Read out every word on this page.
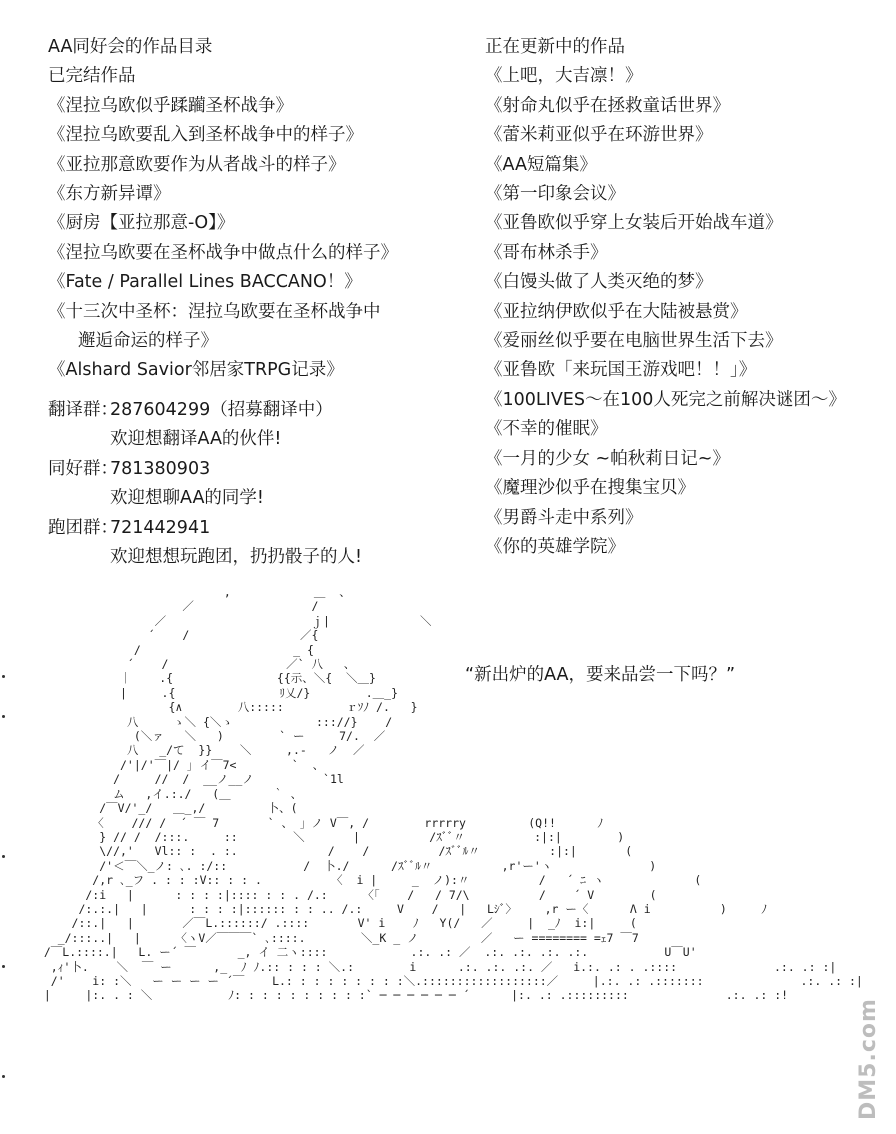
AA同好会的作品目录
已完结作品
《涅拉乌欧似乎蹂躏圣杯战争》
《涅拉乌欧要乱入到圣杯战争中的样子》
《亚拉那意欧要作为从者战斗的样子》
《东方新异谭》
《厨房【亚拉那意-O】》
《涅拉乌欧要在圣杯战争中做点什么的样子》
《Fate / Parallel Lines BACCANO！》
《十三次中圣杯：涅拉乌欧要在圣杯战争中
邂逅命运的样子》
《Alshard Savior邻居家TRPG记录》
翻译群：
287604299（招募翻译中）
欢迎想翻译AA的伙伴!
同好群：
781380903
欢迎想聊AA的同学!
跑团群：
721442941
欢迎想想玩跑团，扔扔骰子的人!
正在更新中的作品
《上吧，大吉凛！》
《射命丸似乎在拯救童话世界》
《蕾米莉亚似乎在环游世界》
《AA短篇集》
《第一印象会议》
《亚鲁欧似乎穿上女装后开始战车道》
《哥布林杀手》
《白馒头做了人类灭绝的梦》
《亚拉纳伊欧似乎在大陆被悬赏》
《爱丽丝似乎要在电脑世界生活下去》
《亚鲁欧「来玩国王游戏吧！！」》
《100LIVES～在100人死完之前解决谜团～》
《不幸的催眠》
《一月的少女 ~帕秋莉日记~》
《魔理沙似乎在搜集宝贝》
《男爵斗走中系列》
《你的英雄学院》
,            ＿  、
／                 /
／                     ｊ|             ＼
´    /                ／{
/                      _ {
´    /                 ／` 八   、
｜    .{               {{示、＼{  ＼＿}
|     .{               ﾘ乂/}        .＿_}
{∧        八:::::         ｒｿﾉ /.   }
八     ゝ＼ {＼ゝ            ::://}    /
(＼ァ   ＼   )        ` ー     7/.  ／
八   _/て  }}    ＼     ,.-   ノ  ／
/'|/'￣|/ ｣ イ￣7<        `  、
/     //  /  __ノ__ノ          `1l
ム   ,イ.:./   (＿      ｀ 、
/￣V/'_/   ＿_,/         卜、(
〈    /// /  ´ ￣ 7       ` 、 」ノ V￣, /        rrrrry         (Q!!      ﾉ
} // /  /:::.     ::        ＼       |          /ｽﾞﾞ〃          :|:|        )
\//,'   Vl:: :  . :.             /    /          /ｽﾞﾞﾙ〃          :|:|       (
/'＜￣＼_ノ: ､. :/::           /  卜./      /ｽﾞﾞﾙ〃          ,r'ー'ヽ              )
/,r ､_フ . : : :V:: : : .          〈  i |     _  ノ):〃          /   ´ ﾆ ヽ             (
/:i   |      : : : :|:::: : : . /.:     〈「    /   / 7/\          /    ´ V        (
/:.:.|   |      : : : :|:::::: : : .. /.:     V    /   |   Lｼﾞ〉    ,r ー〈      Λ i          )     ﾉ
/::.|   |       ／￣L.::::::/ .::::       V' i    ﾉ   Y(/   ／     |  _ﾉ  i:|     (
_/:::..|   |     〈ヽV／￣￣￣` ､::::.        ＼_K _ ノ         ／   ー ======== =ｪ7 ￣7
/￣L.::::.|   L. ー´ ￣      _, イ 二ヽ::::            .:. .: ／  .:. .:. .:. .:.           U￣U'
,ｨ'卜.    ＼  ￣ ー      ,_  ﾉ ﾉ.:: : : : ＼.:        i      .:. .:. .:. ／   i.:. .: . .::::              .:. .: :|
/'    i: :＼   ー ー ー ー ´￣    L.: : : : : : : : :＼.::::::::::::::::::／     |.:. .: .:::::::              .:. .: :|
|     |:. . : ＼           ﾉ: : : : : : : : : :` ─ ─ ─ ─ ─ ─ ´      |:. .: .:::::::::              .:. .: :!
“新出炉的AA，要来品尝一下吗？”
DM5.com
